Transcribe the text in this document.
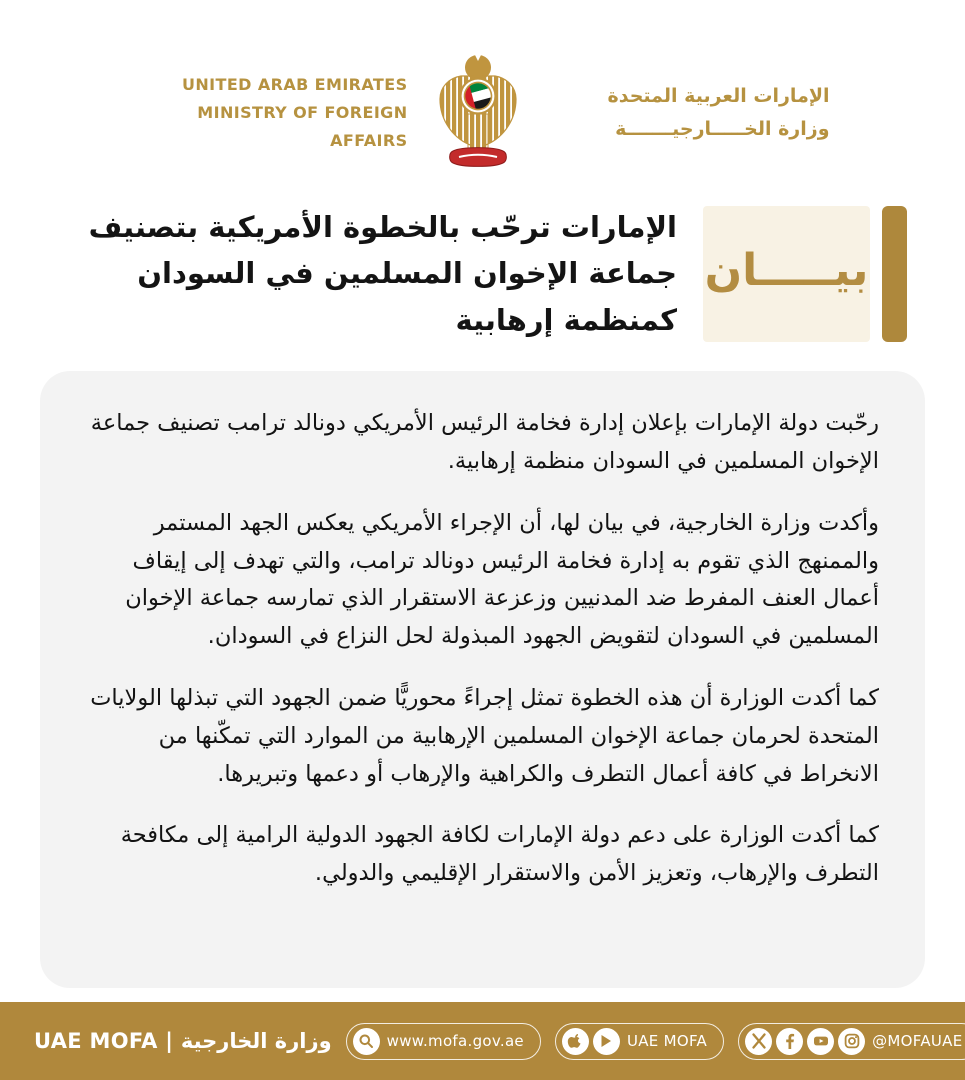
UNITED ARAB EMIRATES
MINISTRY OF FOREIGN AFFAIRS
الإمارات العربية المتحدة
وزارة الخـــــارجيـــــــة
بيـــــان
الإمارات ترحّب بالخطوة الأمريكية بتصنيف جماعة الإخوان المسلمين في السودان كمنظمة إرهابية

رحّبت دولة الإمارات بإعلان إدارة فخامة الرئيس الأمريكي دونالد ترامب تصنيف جماعة الإخوان المسلمين في السودان منظمة إرهابية.

وأكدت وزارة الخارجية، في بيان لها، أن الإجراء الأمريكي يعكس الجهد المستمر والممنهج الذي تقوم به إدارة فخامة الرئيس دونالد ترامب، والتي تهدف إلى إيقاف أعمال العنف المفرط ضد المدنيين وزعزعة الاستقرار الذي تمارسه جماعة الإخوان المسلمين في السودان لتقويض الجهود المبذولة لحل النزاع في السودان.

كما أكدت الوزارة أن هذه الخطوة تمثل إجراءً محوريًّا ضمن الجهود التي تبذلها الولايات المتحدة لحرمان جماعة الإخوان المسلمين الإرهابية من الموارد التي تمكّنها من الانخراط في كافة أعمال التطرف والكراهية والإرهاب أو دعمها وتبريرها.

كما أكدت الوزارة على دعم دولة الإمارات لكافة الجهود الدولية الرامية إلى مكافحة التطرف والإرهاب، وتعزيز الأمن والاستقرار الإقليمي والدولي.

UAE MOFA | وزارة الخارجية	www.mofa.gov.ae	UAE MOFA	@MOFAUAE
